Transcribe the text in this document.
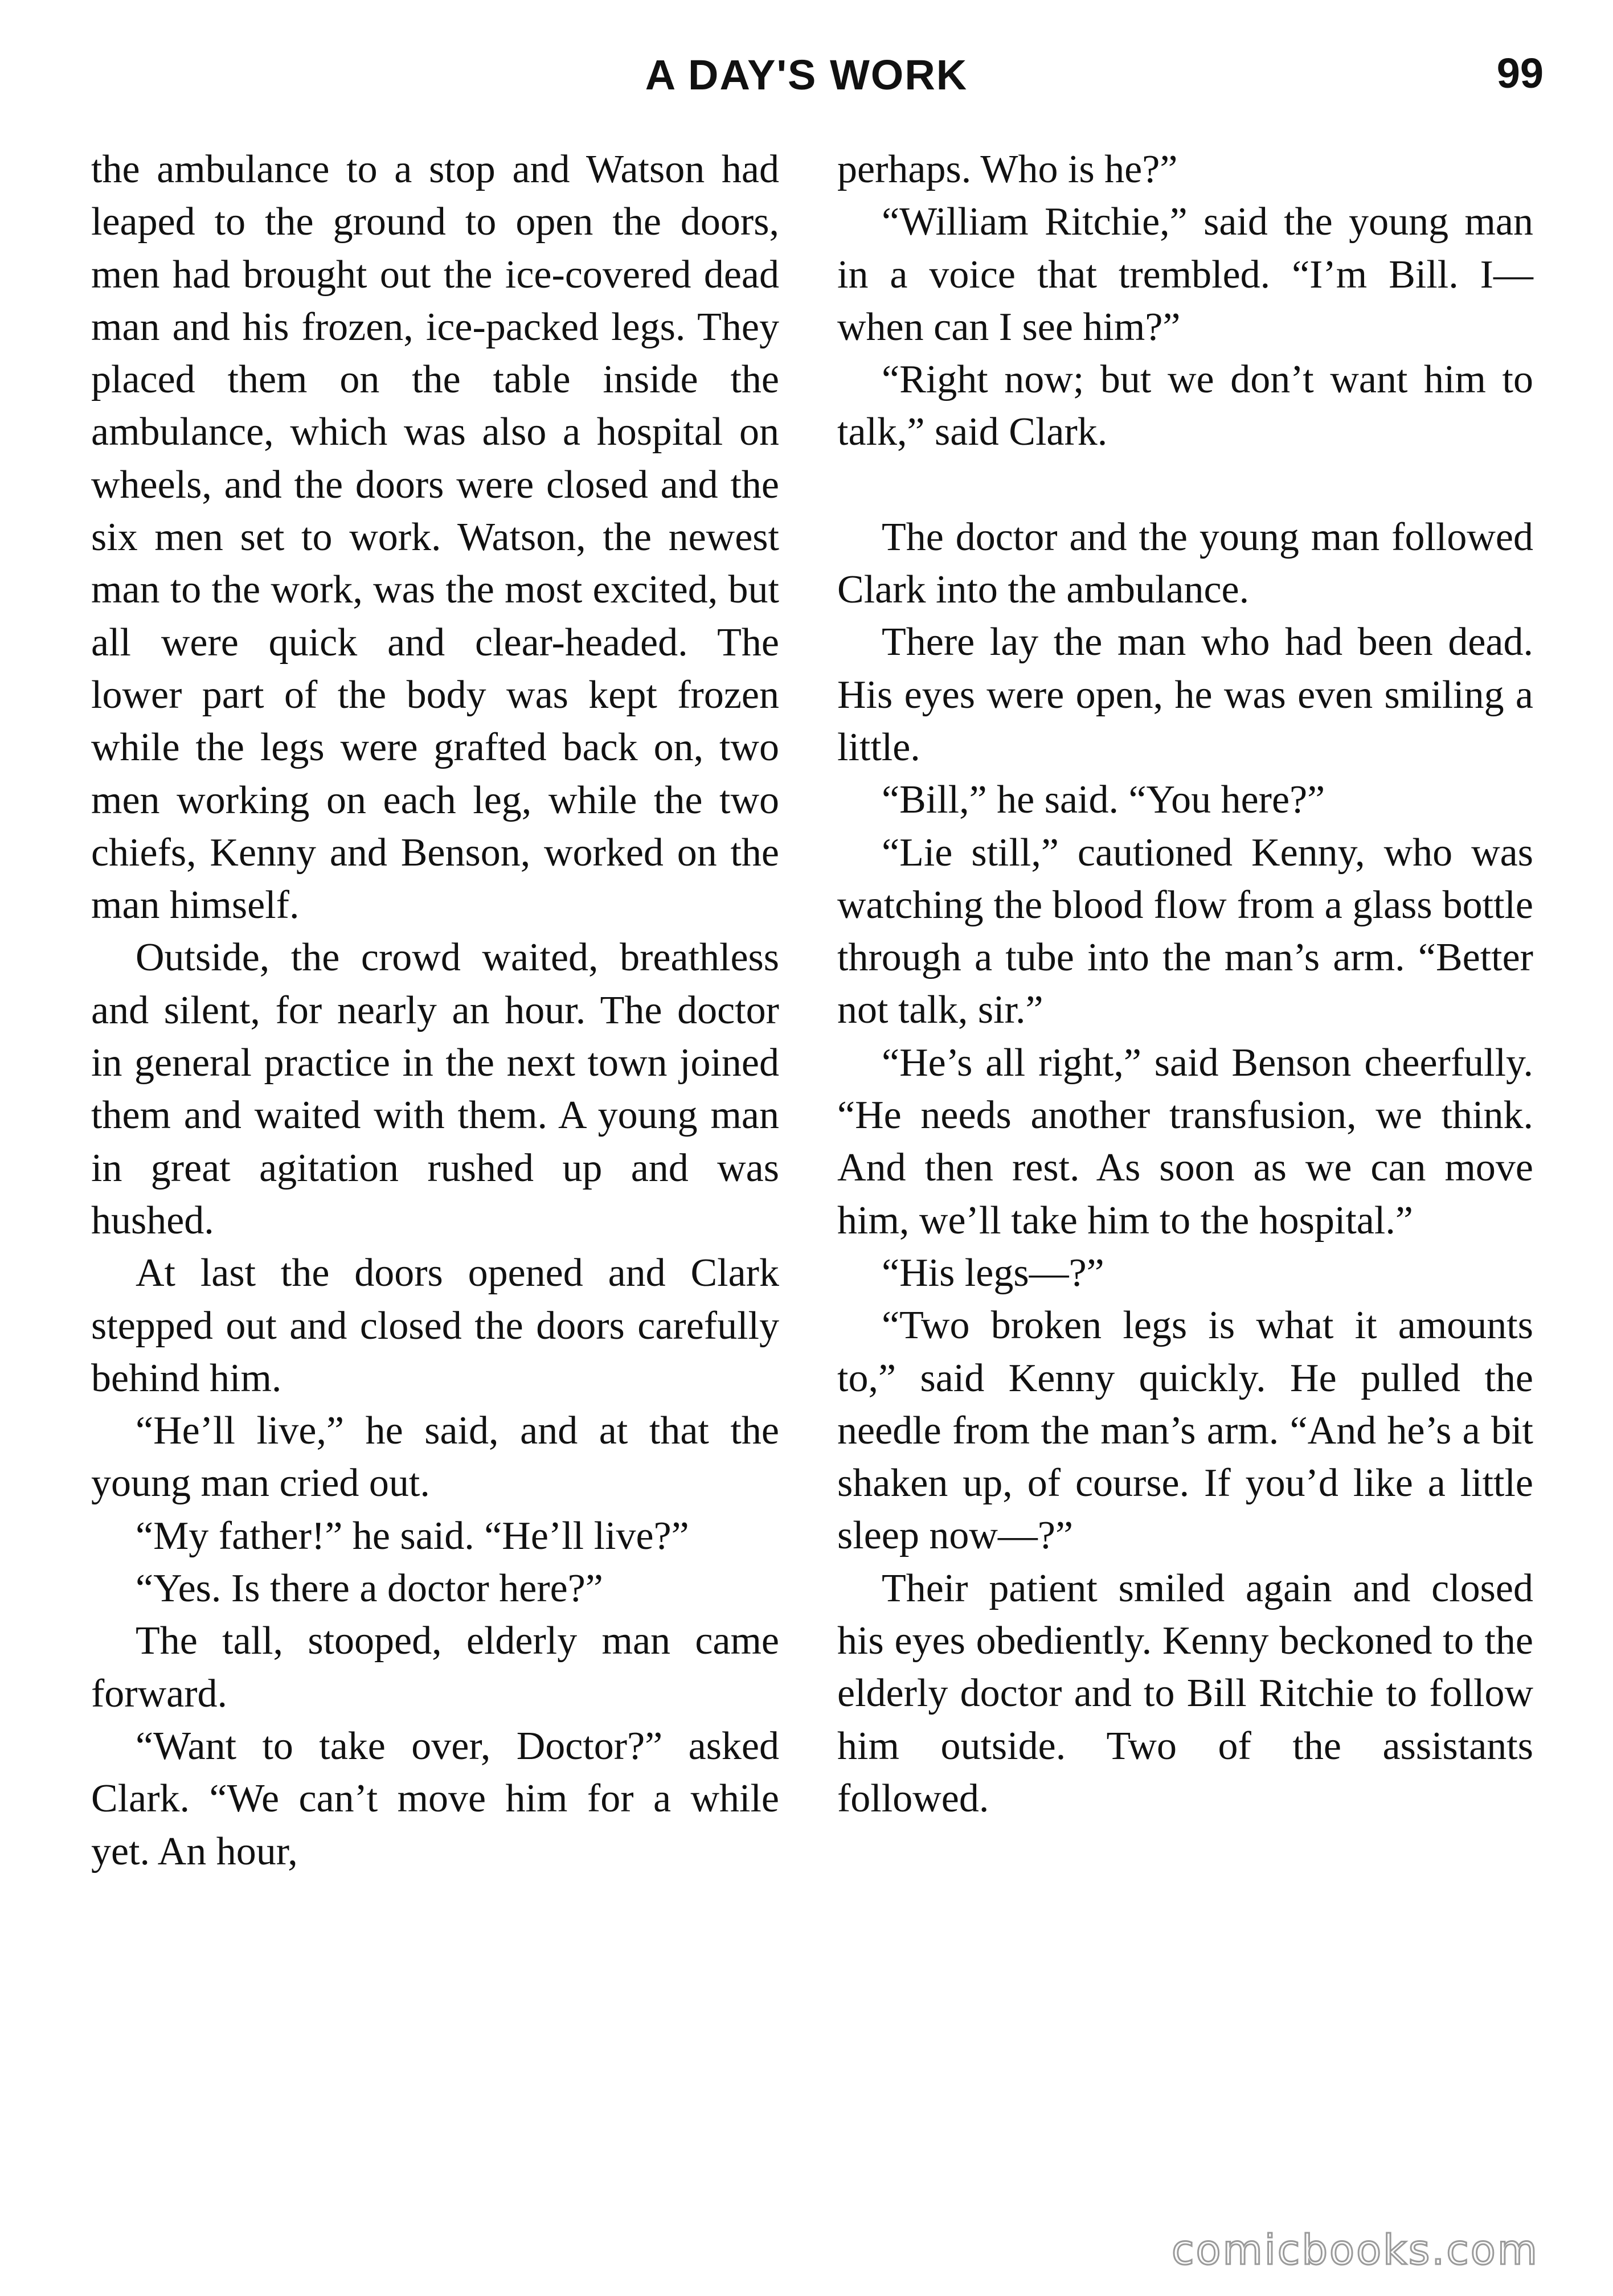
A DAY'S WORK	99

the ambulance to a stop and Watson had leaped to the ground to open the doors, men had brought out the ice-covered dead man and his frozen, ice-packed legs. They placed them on the table inside the ambulance, which was also a hospital on wheels, and the doors were closed and the six men set to work. Watson, the newest man to the work, was the most excited, but all were quick and clear-headed. The lower part of the body was kept frozen while the legs were grafted back on, two men working on each leg, while the two chiefs, Kenny and Benson, worked on the man himself.

Outside, the crowd waited, breathless and silent, for nearly an hour. The doctor in general practice in the next town joined them and waited with them. A young man in great agitation rushed up and was hushed.

At last the doors opened and Clark stepped out and closed the doors carefully behind him.

“He’ll live,” he said, and at that the young man cried out.

“My father!” he said. “He’ll live?”

“Yes. Is there a doctor here?”

The tall, stooped, elderly man came forward.

“Want to take over, Doctor?” asked Clark. “We can’t move him for a while yet. An hour,

perhaps. Who is he?”

“William Ritchie,” said the young man in a voice that trembled. “I’m Bill. I—when can I see him?”

“Right now; but we don’t want him to talk,” said Clark.

The doctor and the young man followed Clark into the ambulance.

There lay the man who had been dead. His eyes were open, he was even smiling a little.

“Bill,” he said. “You here?”

“Lie still,” cautioned Kenny, who was watching the blood flow from a glass bottle through a tube into the man’s arm. “Better not talk, sir.”

“He’s all right,” said Benson cheerfully. “He needs another transfusion, we think. And then rest. As soon as we can move him, we’ll take him to the hospital.”

“His legs—?”

“Two broken legs is what it amounts to,” said Kenny quickly. He pulled the needle from the man’s arm. “And he’s a bit shaken up, of course. If you’d like a little sleep now—?”

Their patient smiled again and closed his eyes obediently. Kenny beckoned to the elderly doctor and to Bill Ritchie to follow him outside. Two of the assistants followed.

comicbooks.com
